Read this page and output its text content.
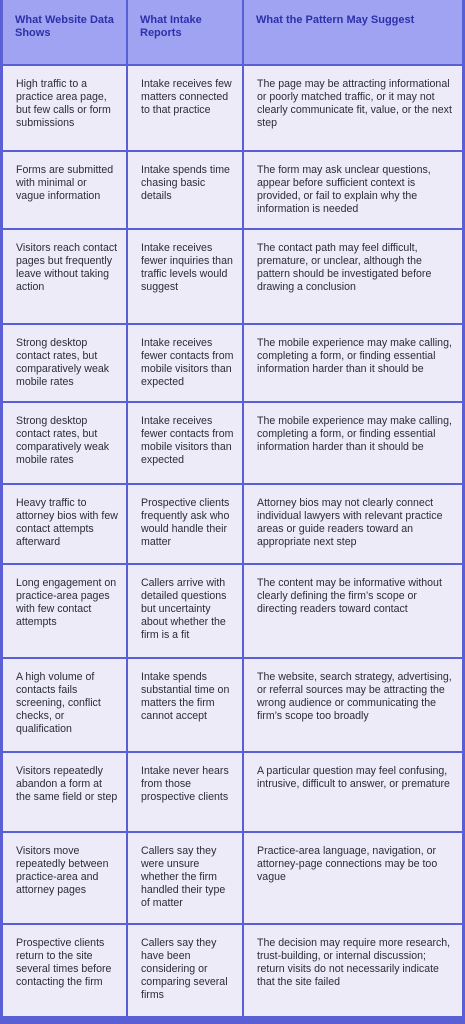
What Website Data Shows	What Intake Reports	What the Pattern May Suggest
High traffic to a practice area page, but few calls or form submissions	Intake receives few matters connected to that practice	The page may be attracting informational or poorly matched traffic, or it may not clearly communicate fit, value, or the next step
Forms are submitted with minimal or vague information	Intake spends time chasing basic details	The form may ask unclear questions, appear before sufficient context is provided, or fail to explain why the information is needed
Visitors reach contact pages but frequently leave without taking action	Intake receives fewer inquiries than traffic levels would suggest	The contact path may feel difficult, premature, or unclear, although the pattern should be investigated before drawing a conclusion
Strong desktop contact rates, but comparatively weak mobile rates	Intake receives fewer contacts from mobile visitors than expected	The mobile experience may make calling, completing a form, or finding essential information harder than it should be
Strong desktop contact rates, but comparatively weak mobile rates	Intake receives fewer contacts from mobile visitors than expected	The mobile experience may make calling, completing a form, or finding essential information harder than it should be
Heavy traffic to attorney bios with few contact attempts afterward	Prospective clients frequently ask who would handle their matter	Attorney bios may not clearly connect individual lawyers with relevant practice areas or guide readers toward an appropriate next step
Long engagement on practice-area pages with few contact attempts	Callers arrive with detailed questions but uncertainty about whether the firm is a fit	The content may be informative without clearly defining the firm’s scope or directing readers toward contact
A high volume of contacts fails screening, conflict checks, or qualification	Intake spends substantial time on matters the firm cannot accept	The website, search strategy, advertising, or referral sources may be attracting the wrong audience or communicating the firm’s scope too broadly
Visitors repeatedly abandon a form at the same field or step	Intake never hears from those prospective clients	A particular question may feel confusing, intrusive, difficult to answer, or premature
Visitors move repeatedly between practice-area and attorney pages	Callers say they were unsure whether the firm handled their type of matter	Practice-area language, navigation, or attorney-page connections may be too vague
Prospective clients return to the site several times before contacting the firm	Callers say they have been considering or comparing several firms	The decision may require more research, trust-building, or internal discussion; return visits do not necessarily indicate that the site failed
